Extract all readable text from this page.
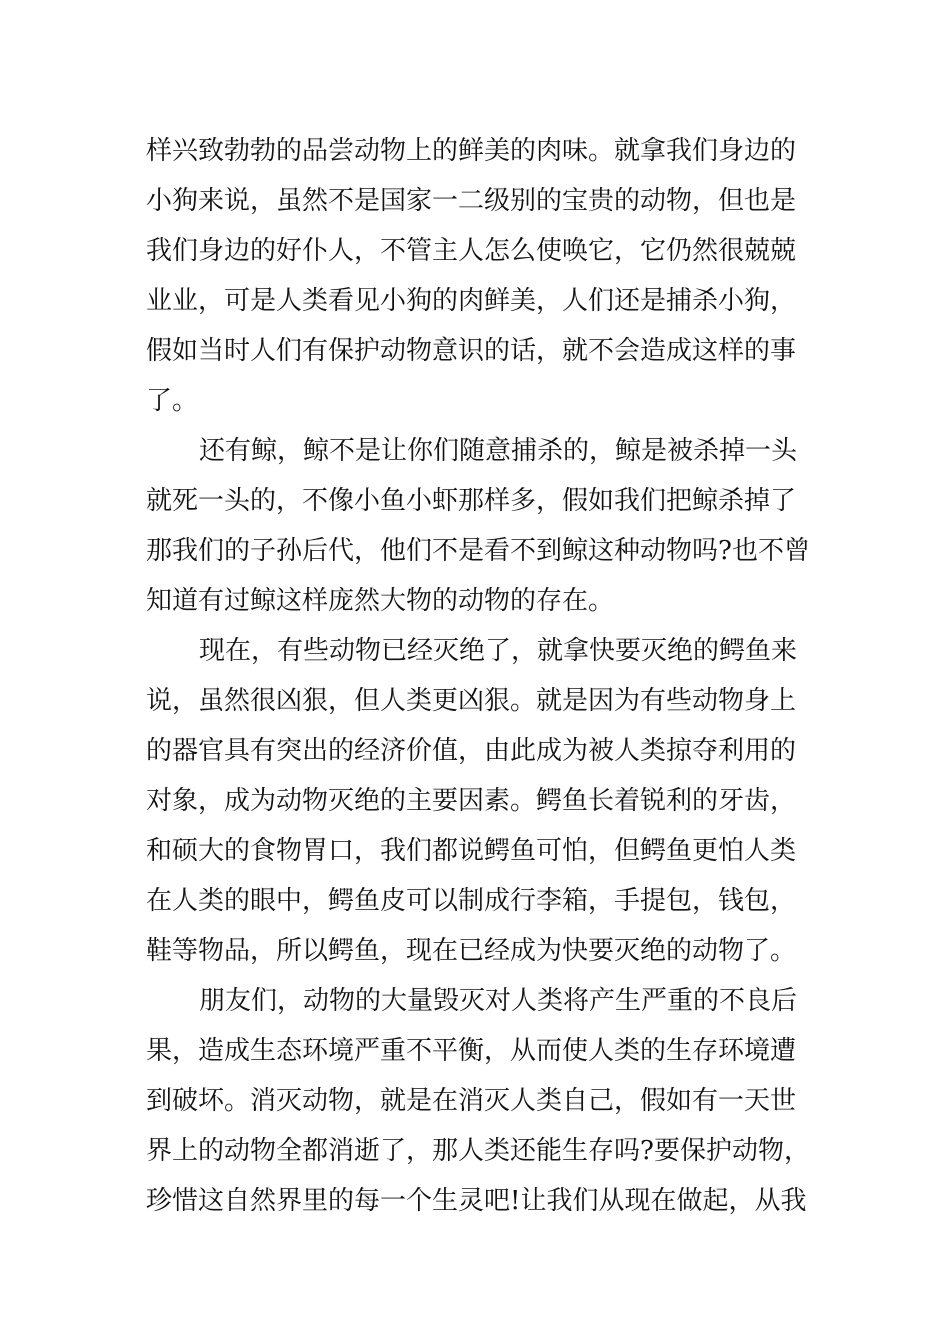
样兴致勃勃的品尝动物上的鲜美的肉味。就拿我们身边的
小狗来说，虽然不是国家一二级别的宝贵的动物，但也是
我们身边的好仆人，不管主人怎么使唤它，它仍然很兢兢
业业，可是人类看见小狗的肉鲜美，人们还是捕杀小狗，
假如当时人们有保护动物意识的话，就不会造成这样的事
了。
还有鲸，鲸不是让你们随意捕杀的，鲸是被杀掉一头
就死一头的，不像小鱼小虾那样多，假如我们把鲸杀掉了
那我们的子孙后代，他们不是看不到鲸这种动物吗?也不曾
知道有过鲸这样庞然大物的动物的存在。
现在，有些动物已经灭绝了，就拿快要灭绝的鳄鱼来
说，虽然很凶狠，但人类更凶狠。就是因为有些动物身上
的器官具有突出的经济价值，由此成为被人类掠夺利用的
对象，成为动物灭绝的主要因素。鳄鱼长着锐利的牙齿，
和硕大的食物胃口，我们都说鳄鱼可怕，但鳄鱼更怕人类
在人类的眼中，鳄鱼皮可以制成行李箱，手提包，钱包，
鞋等物品，所以鳄鱼，现在已经成为快要灭绝的动物了。
朋友们，动物的大量毁灭对人类将产生严重的不良后
果，造成生态环境严重不平衡，从而使人类的生存环境遭
到破坏。消灭动物，就是在消灭人类自己，假如有一天世
界上的动物全都消逝了，那人类还能生存吗?要保护动物，
珍惜这自然界里的每一个生灵吧!让我们从现在做起，从我
